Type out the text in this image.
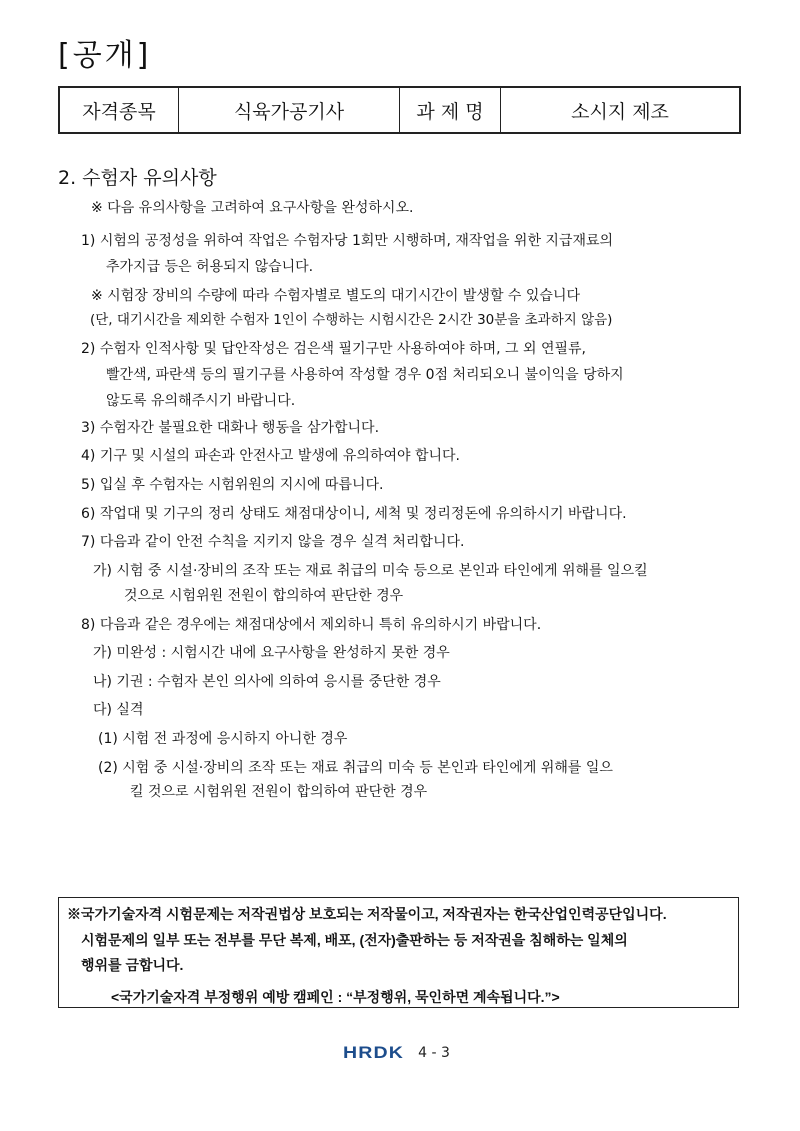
[공개]
자격종목	식육가공기사	과 제 명	소시지 제조
2. 수험자 유의사항
※ 다음 유의사항을 고려하여 요구사항을 완성하시오.
1) 시험의 공정성을 위하여 작업은 수험자당 1회만 시행하며, 재작업을 위한 지급재료의
추가지급 등은 허용되지 않습니다.
※ 시험장 장비의 수량에 따라 수험자별로 별도의 대기시간이 발생할 수 있습니다
(단, 대기시간을 제외한 수험자 1인이 수행하는 시험시간은 2시간 30분을 초과하지 않음)
2) 수험자 인적사항 및 답안작성은 검은색 필기구만 사용하여야 하며, 그 외 연필류,
빨간색, 파란색 등의 필기구를 사용하여 작성할 경우 0점 처리되오니 불이익을 당하지
않도록 유의해주시기 바랍니다.
3) 수험자간 불필요한 대화나 행동을 삼가합니다.
4) 기구 및 시설의 파손과 안전사고 발생에 유의하여야 합니다.
5) 입실 후 수험자는 시험위원의 지시에 따릅니다.
6) 작업대 및 기구의 정리 상태도 채점대상이니, 세척 및 정리정돈에 유의하시기 바랍니다.
7) 다음과 같이 안전 수칙을 지키지 않을 경우 실격 처리합니다.
가) 시험 중 시설·장비의 조작 또는 재료 취급의 미숙 등으로 본인과 타인에게 위해를 일으킬
것으로 시험위원 전원이 합의하여 판단한 경우
8) 다음과 같은 경우에는 채점대상에서 제외하니 특히 유의하시기 바랍니다.
가) 미완성 : 시험시간 내에 요구사항을 완성하지 못한 경우
나) 기권 : 수험자 본인 의사에 의하여 응시를 중단한 경우
다) 실격
(1) 시험 전 과정에 응시하지 아니한 경우
(2) 시험 중 시설·장비의 조작 또는 재료 취급의 미숙 등 본인과 타인에게 위해를 일으
킬 것으로 시험위원 전원이 합의하여 판단한 경우
※국가기술자격 시험문제는 저작권법상 보호되는 저작물이고, 저작권자는 한국산업인력공단입니다.
시험문제의 일부 또는 전부를 무단 복제, 배포, (전자)출판하는 등 저작권을 침해하는 일체의
행위를 금합니다.
<국가기술자격 부정행위 예방 캠페인 : “부정행위, 묵인하면 계속됩니다.”>
HRDK 4 - 3
